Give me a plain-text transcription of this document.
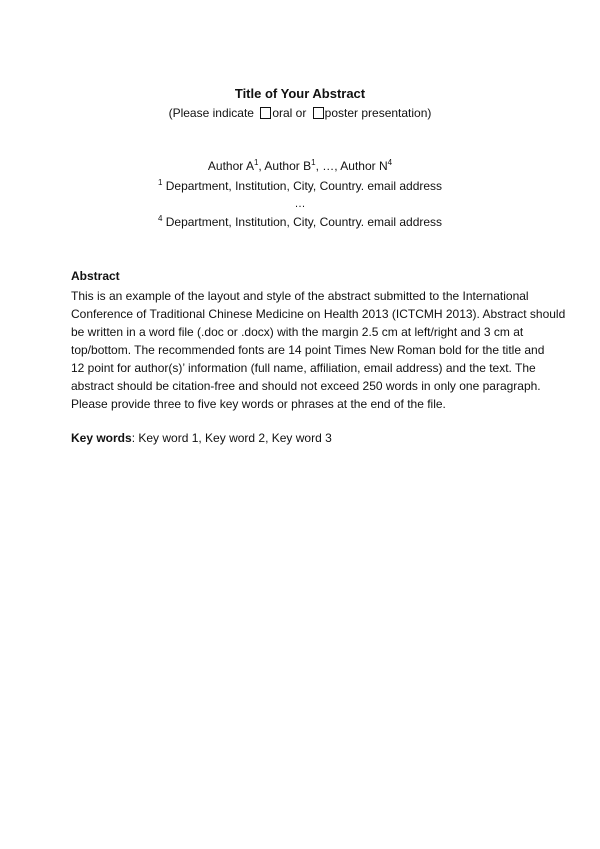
Title of Your Abstract
(Please indicate oral or poster presentation)
Author $A^1$, Author $B^1$, …, Author $N^4$
$^1$ Department, Institution, City, Country. email address
…
$^4$ Department, Institution, City, Country. email address
Abstract
This is an example of the layout and style of the abstract submitted to the International
Conference of Traditional Chinese Medicine on Health 2013 (ICTCMH 2013). Abstract should
be written in a word file (.doc or .docx) with the margin 2.5 cm at left/right and 3 cm at
top/bottom. The recommended fonts are 14 point Times New Roman bold for the title and
12 point for author(s)’ information (full name, affiliation, email address) and the text. The
abstract should be citation-free and should not exceed 250 words in only one paragraph.
Please provide three to five key words or phrases at the end of the file.
Key words: Key word 1, Key word 2, Key word 3
